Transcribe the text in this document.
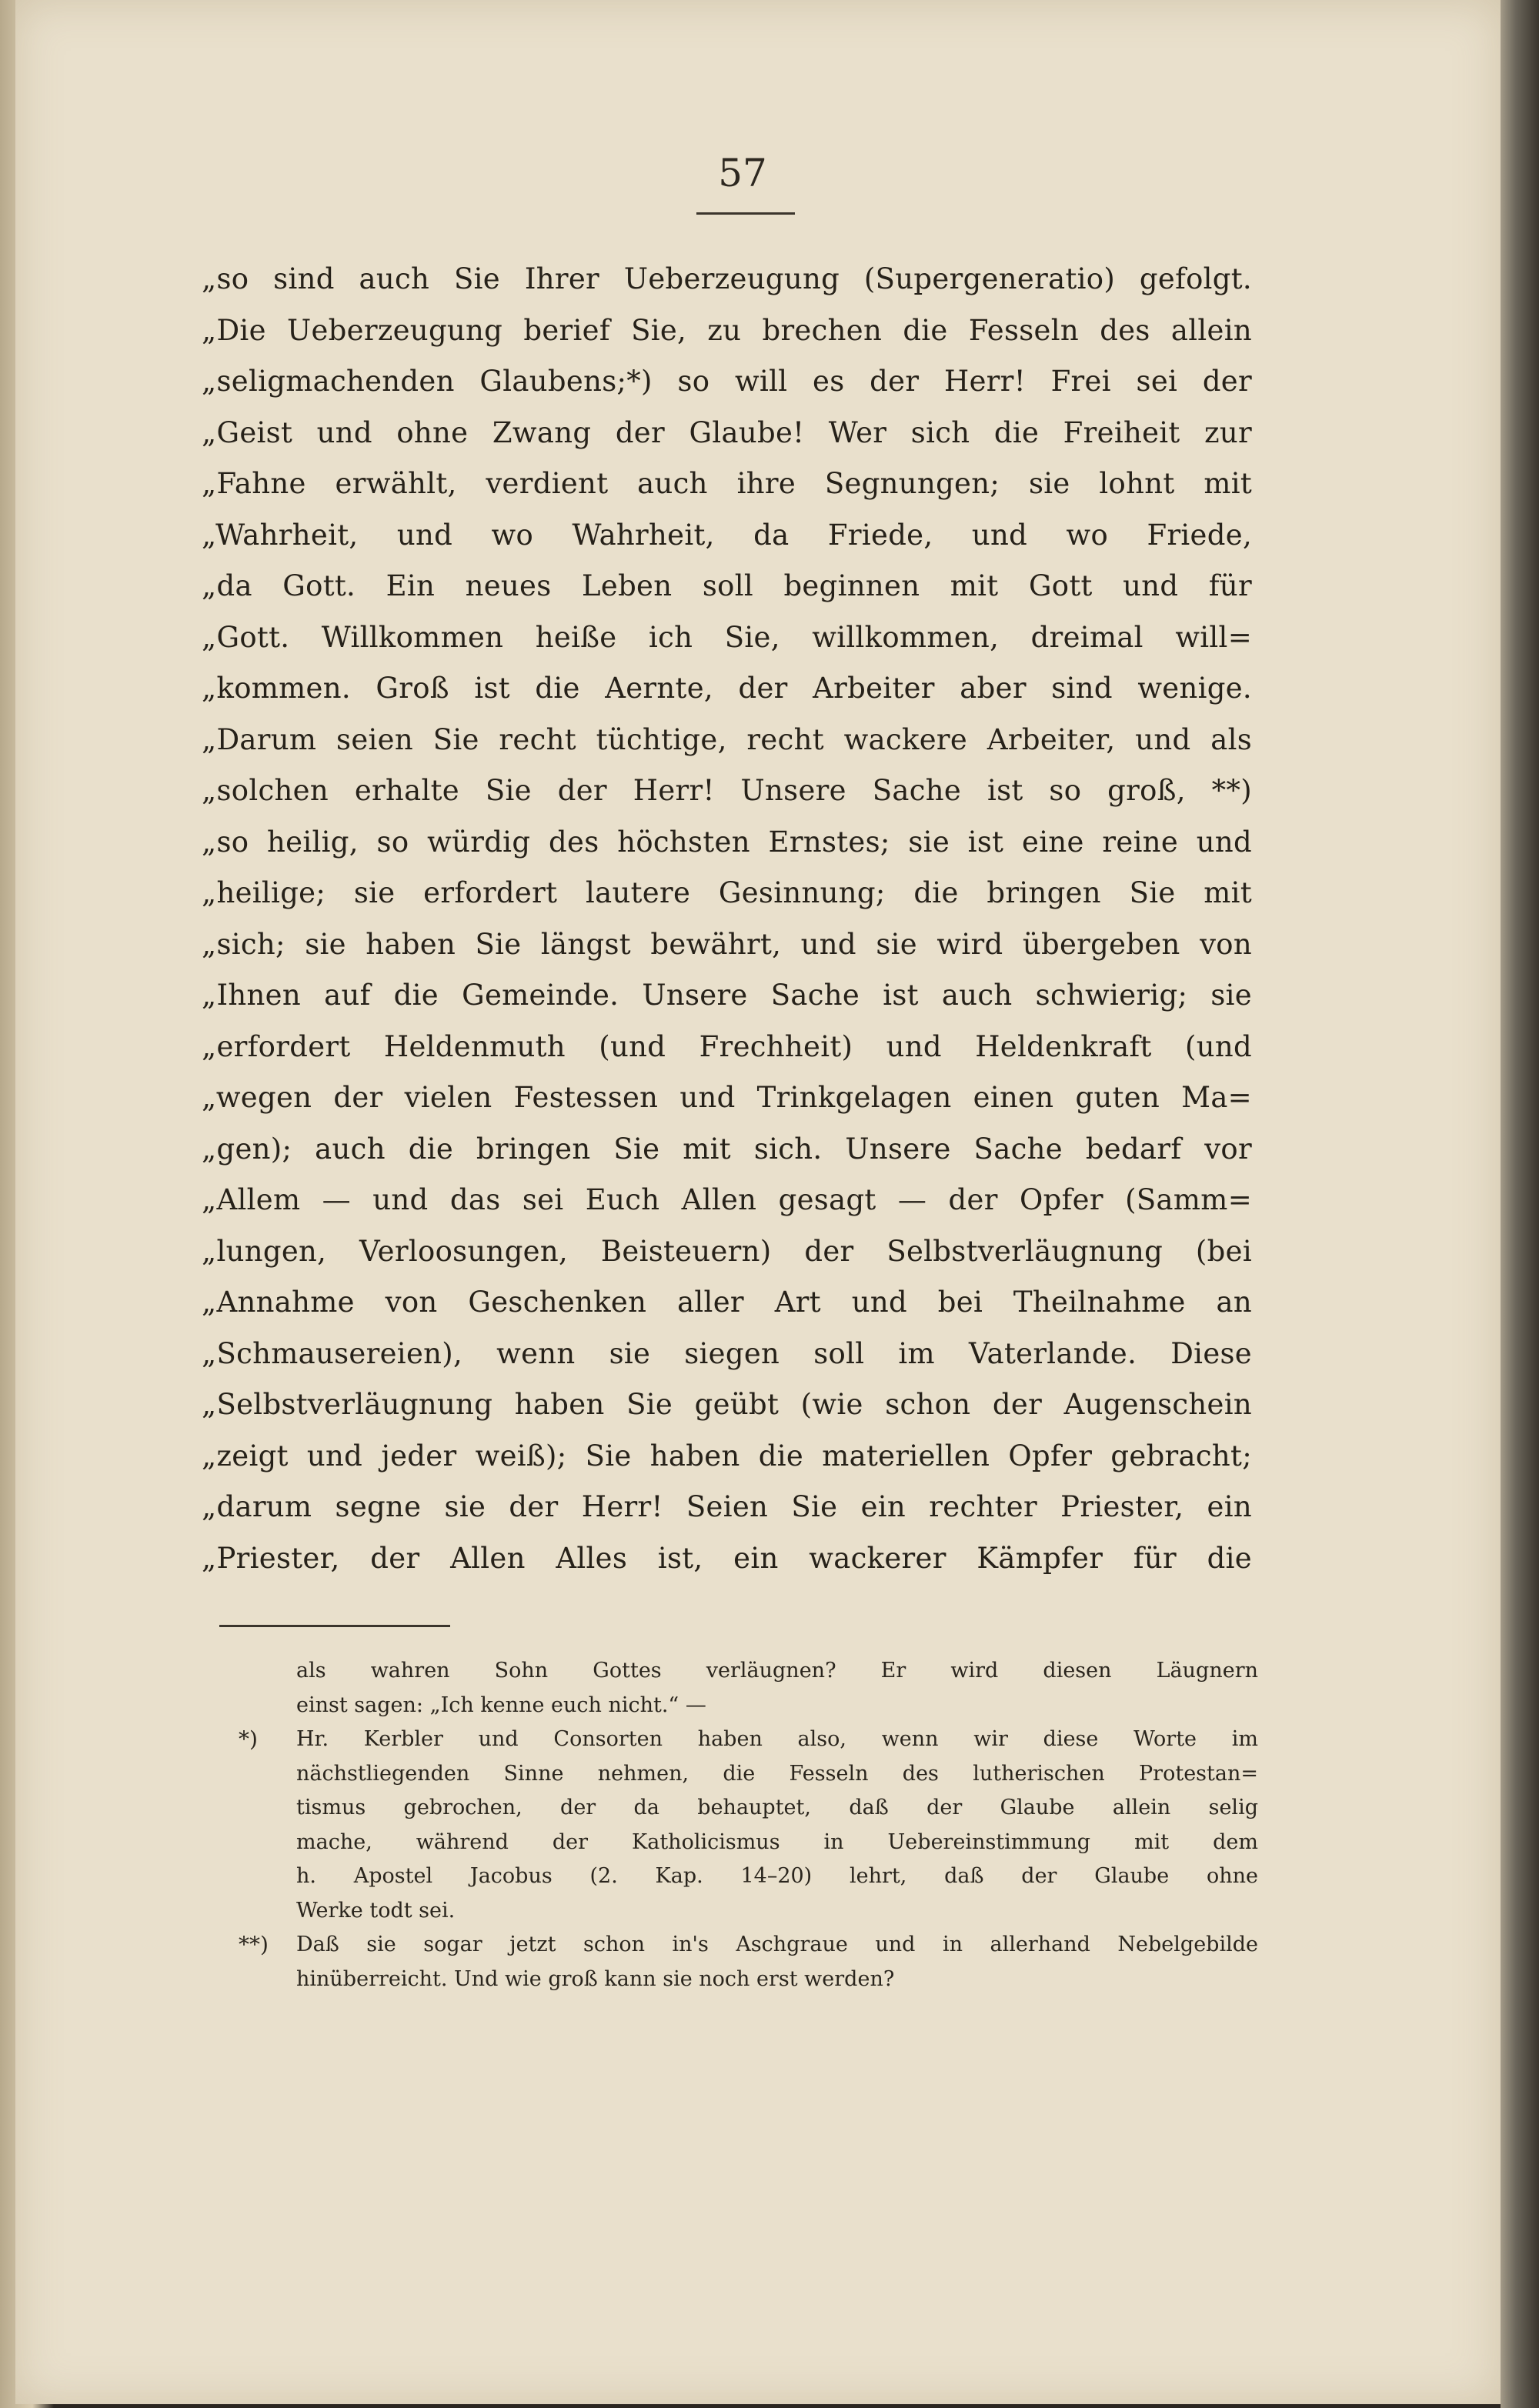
57
„so sind auch Sie Ihrer Ueberzeugung (Supergeneratio) gefolgt.
„Die Ueberzeugung berief Sie, zu brechen die Fesseln des allein
„seligmachenden Glaubens;*) so will es der Herr! Frei sei der
„Geist und ohne Zwang der Glaube! Wer sich die Freiheit zur
„Fahne erwählt, verdient auch ihre Segnungen; sie lohnt mit
„Wahrheit, und wo Wahrheit, da Friede, und wo Friede,
„da Gott. Ein neues Leben soll beginnen mit Gott und für
„Gott. Willkommen heiße ich Sie, willkommen, dreimal will=
„kommen. Groß ist die Aernte, der Arbeiter aber sind wenige.
„Darum seien Sie recht tüchtige, recht wackere Arbeiter, und als
„solchen erhalte Sie der Herr! Unsere Sache ist so groß, **)
„so heilig, so würdig des höchsten Ernstes; sie ist eine reine und
„heilige; sie erfordert lautere Gesinnung; die bringen Sie mit
„sich; sie haben Sie längst bewährt, und sie wird übergeben von
„Ihnen auf die Gemeinde. Unsere Sache ist auch schwierig; sie
„erfordert Heldenmuth (und Frechheit) und Heldenkraft (und
„wegen der vielen Festessen und Trinkgelagen einen guten Ma=
„gen); auch die bringen Sie mit sich. Unsere Sache bedarf vor
„Allem — und das sei Euch Allen gesagt — der Opfer (Samm=
„lungen, Verloosungen, Beisteuern) der Selbstverläugnung (bei
„Annahme von Geschenken aller Art und bei Theilnahme an
„Schmausereien), wenn sie siegen soll im Vaterlande. Diese
„Selbstverläugnung haben Sie geübt (wie schon der Augenschein
„zeigt und jeder weiß); Sie haben die materiellen Opfer gebracht;
„darum segne sie der Herr! Seien Sie ein rechter Priester, ein
„Priester, der Allen Alles ist, ein wackerer Kämpfer für die
als wahren Sohn Gottes verläugnen? Er wird diesen Läugnern
einst sagen: „Ich kenne euch nicht.“ —
*) Hr. Kerbler und Consorten haben also, wenn wir diese Worte im
nächstliegenden Sinne nehmen, die Fesseln des lutherischen Protestan=
tismus gebrochen, der da behauptet, daß der Glaube allein selig
mache, während der Katholicismus in Uebereinstimmung mit dem
h. Apostel Jacobus (2. Kap. 14–20) lehrt, daß der Glaube ohne
Werke todt sei.
**) Daß sie sogar jetzt schon in's Aschgraue und in allerhand Nebelgebilde
hinüberreicht. Und wie groß kann sie noch erst werden?
